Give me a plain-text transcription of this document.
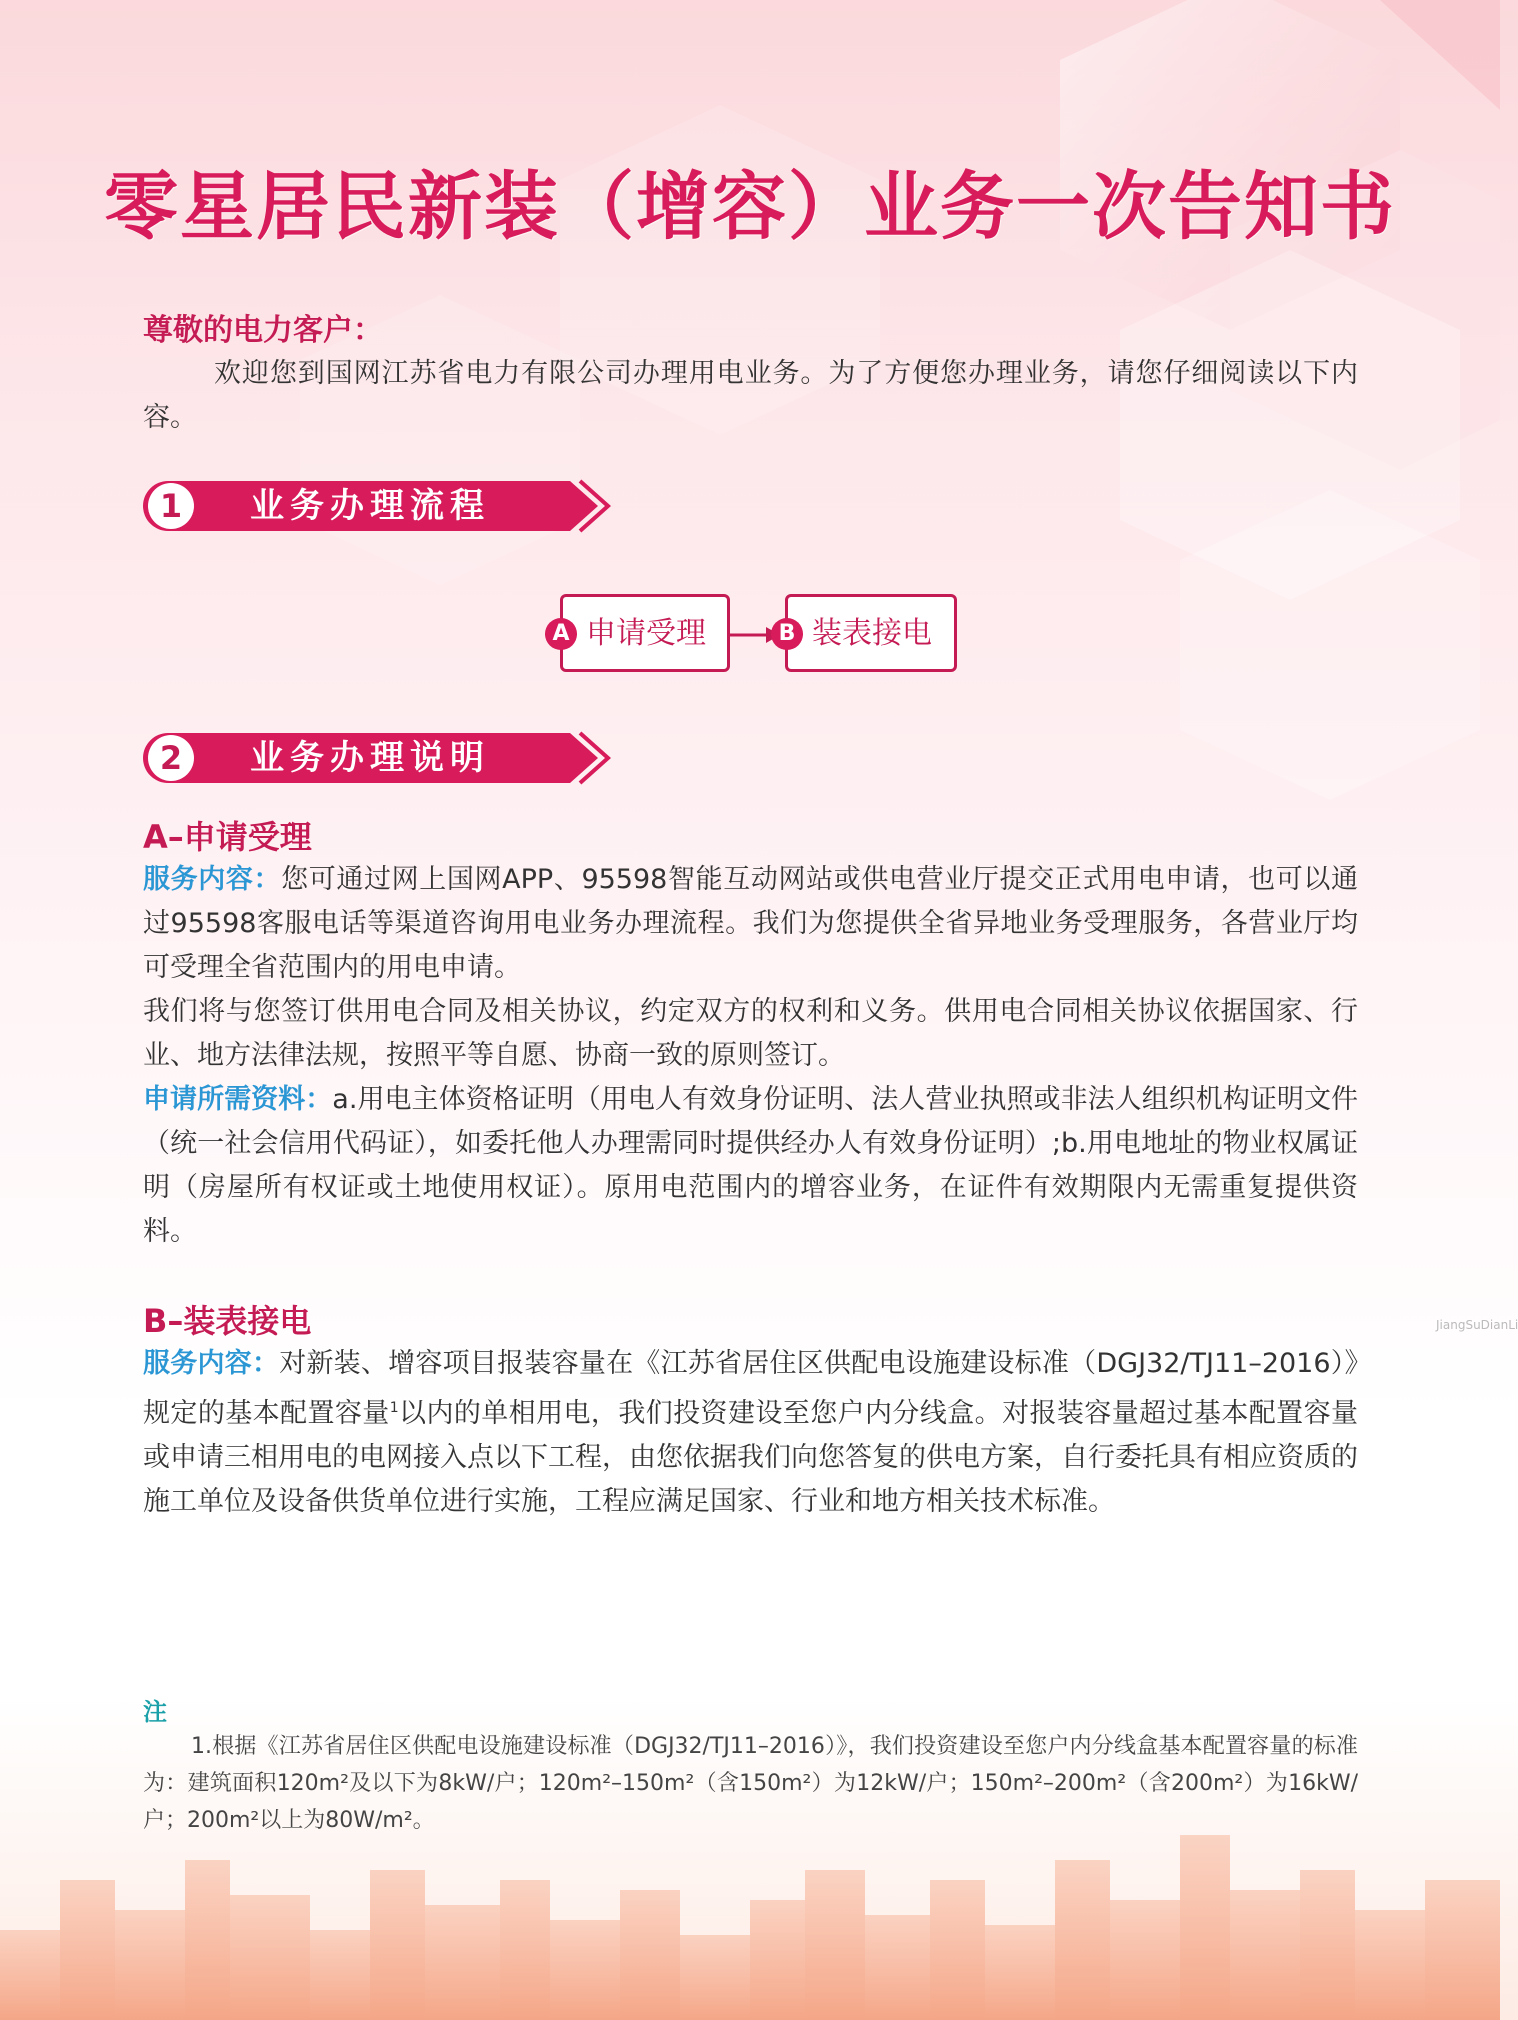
零星居民新装（增容）业务一次告知书

尊敬的电力客户：

欢迎您到国网江苏省电力有限公司办理用电业务。为了方便您办理业务，请您仔细阅读以下内容。

1	业务办理流程
A 申请受理	B 装表接电
2	业务办理说明
A–申请受理

服务内容：您可通过网上国网APP、95598智能互动网站或供电营业厅提交正式用电申请，也可以通过95598客服电话等渠道咨询用电业务办理流程。我们为您提供全省异地业务受理服务，各营业厅均可受理全省范围内的用电申请。

我们将与您签订供用电合同及相关协议，约定双方的权利和义务。供用电合同相关协议依据国家、行业、地方法律法规，按照平等自愿、协商一致的原则签订。

申请所需资料：a.用电主体资格证明（用电人有效身份证明、法人营业执照或非法人组织机构证明文件（统一社会信用代码证），如委托他人办理需同时提供经办人有效身份证明）;b.用电地址的物业权属证明（房屋所有权证或土地使用权证）。原用电范围内的增容业务，在证件有效期限内无需重复提供资料。

B–装表接电

服务内容：对新装、增容项目报装容量在《江苏省居住区供配电设施建设标准（DGJ32/TJ11–2016）》规定的基本配置容量$^1$以内的单相用电，我们投资建设至您户内分线盒。对报装容量超过基本配置容量或申请三相用电的电网接入点以下工程，由您依据我们向您答复的供电方案，自行委托具有相应资质的施工单位及设备供货单位进行实施，工程应满足国家、行业和地方相关技术标准。

注

1.根据《江苏省居住区供配电设施建设标准（DGJ32/TJ11–2016）》，我们投资建设至您户内分线盒基本配置容量的标准为：建筑面积120m²及以下为8kW/户；120m²–150m²（含150m²）为12kW/户；150m²–200m²（含200m²）为16kW/户；200m²以上为80W/m²。

JiangSuDianLi
